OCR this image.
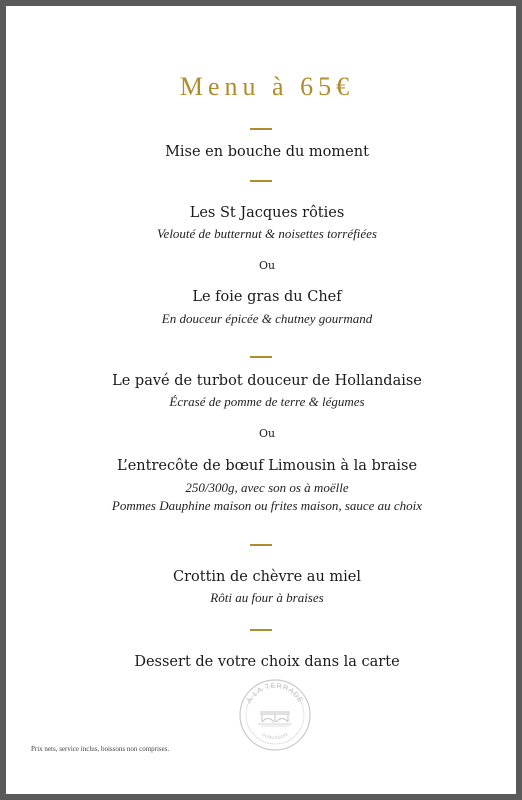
Menu à 65€
Mise en bouche du moment
Les St Jacques rôties
Velouté de butternut & noisettes torréfiées
Ou
Le foie gras du Chef
En douceur épicée & chutney gourmand
Le pavé de turbot douceur de Hollandaise
Écrasé de pomme de terre & légumes
Ou
L’entrecôte de bœuf Limousin à la braise
250/300g, avec son os à moëlle
Pommes Dauphine maison ou frites maison, sauce au choix
Crottin de chèvre au miel
Rôti au four à braises
Dessert de votre choix dans la carte
À LA TERRADE
AUBUSSON
Prix nets, service inclus, boissons non comprises.
